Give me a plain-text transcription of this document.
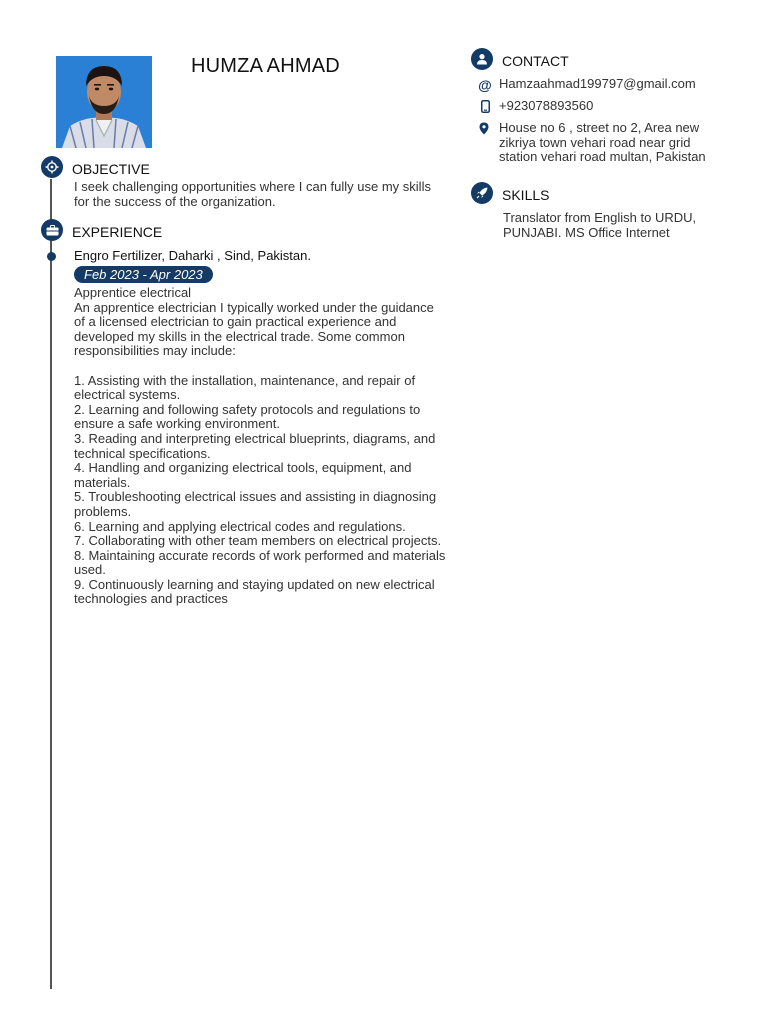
HUMZA AHMAD
OBJECTIVE
I seek challenging opportunities where I can fully use my skills
for the success of the organization.
EXPERIENCE
Engro Fertilizer, Daharki , Sind, Pakistan.
Feb 2023 - Apr 2023
Apprentice electrical
An apprentice electrician I typically worked under the guidance
of a licensed electrician to gain practical experience and
developed my skills in the electrical trade. Some common
responsibilities may include:
1. Assisting with the installation, maintenance, and repair of
electrical systems.
2. Learning and following safety protocols and regulations to
ensure a safe working environment.
3. Reading and interpreting electrical blueprints, diagrams, and
technical specifications.
4. Handling and organizing electrical tools, equipment, and
materials.
5. Troubleshooting electrical issues and assisting in diagnosing
problems.
6. Learning and applying electrical codes and regulations.
7. Collaborating with other team members on electrical projects.
8. Maintaining accurate records of work performed and materials
used.
9. Continuously learning and staying updated on new electrical
technologies and practices
CONTACT
@ Hamzaahmad199797@gmail.com
+923078893560
House no 6 , street no 2, Area new
zikriya town vehari road near grid
station vehari road multan, Pakistan
SKILLS
Translator from English to URDU,
PUNJABI. MS Office Internet
